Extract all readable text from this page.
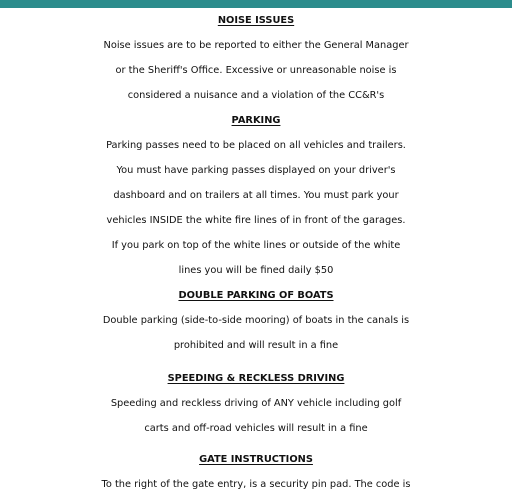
NOISE ISSUES
Noise issues are to be reported to either the General Manager
or the Sheriff's Office. Excessive or unreasonable noise is
considered a nuisance and a violation of the CC&R's
PARKING
Parking passes need to be placed on all vehicles and trailers.
You must have parking passes displayed on your driver's
dashboard and on trailers at all times. You must park your
vehicles INSIDE the white fire lines of in front of the garages.
If you park on top of the white lines or outside of the white
lines you will be fined daily $50
DOUBLE PARKING OF BOATS
Double parking (side-to-side mooring) of boats in the canals is
prohibited and will result in a fine
SPEEDING & RECKLESS DRIVING
Speeding and reckless driving of ANY vehicle including golf
carts and off-road vehicles will result in a fine
GATE INSTRUCTIONS
To the right of the gate entry, is a security pin pad. The code is
